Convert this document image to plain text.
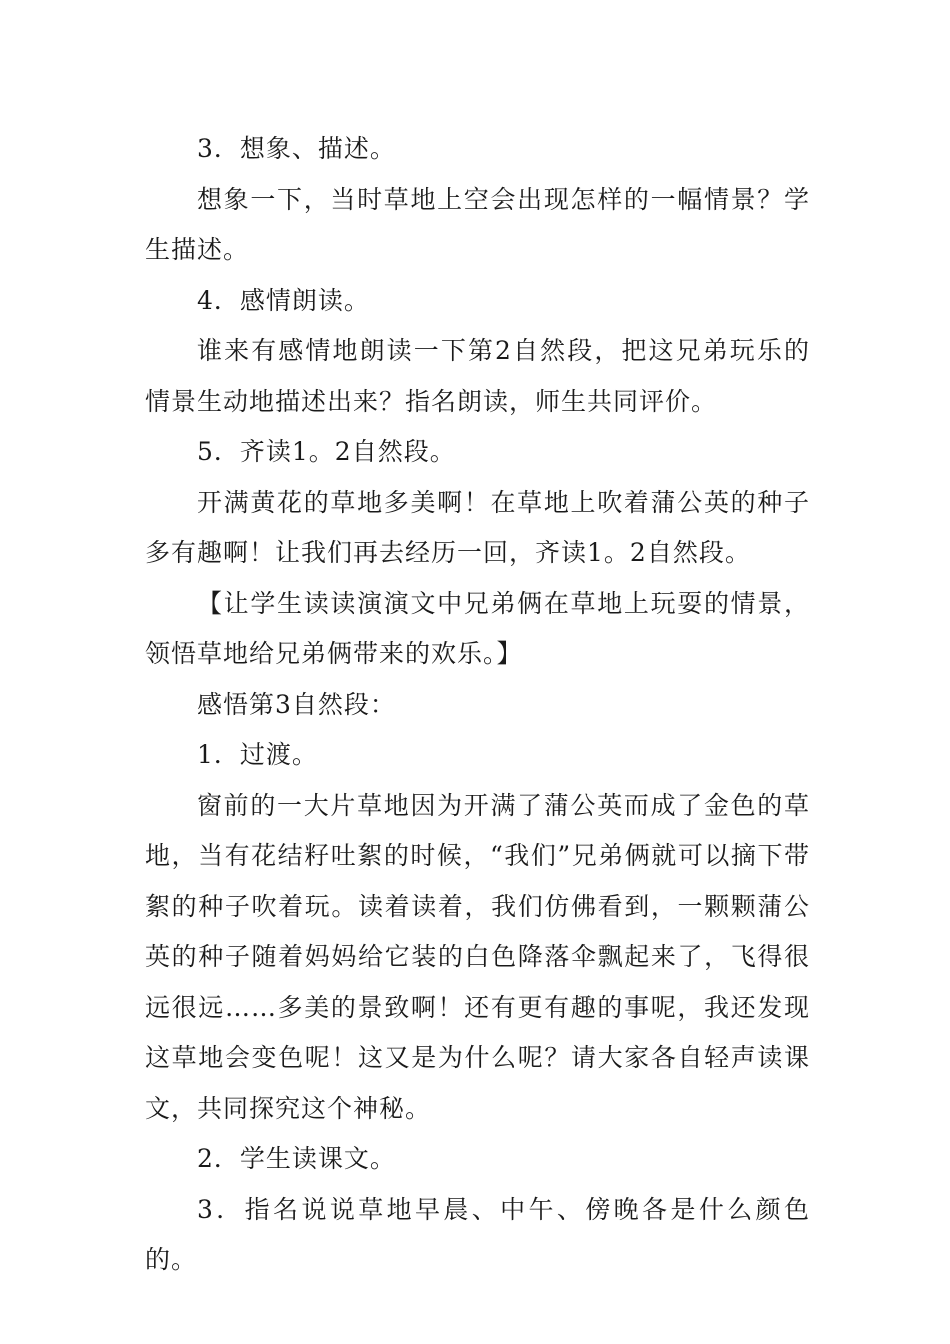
3．想象、描述。

想象一下，当时草地上空会出现怎样的一幅情景？学生描述。

4．感情朗读。

谁来有感情地朗读一下第2自然段，把这兄弟玩乐的情景生动地描述出来？指名朗读，师生共同评价。

5．齐读1。2自然段。

开满黄花的草地多美啊！在草地上吹着蒲公英的种子多有趣啊！让我们再去经历一回，齐读1。2自然段。

【让学生读读演演文中兄弟俩在草地上玩耍的情景，领悟草地给兄弟俩带来的欢乐。】

感悟第3自然段：

1．过渡。

窗前的一大片草地因为开满了蒲公英而成了金色的草地，当有花结籽吐絮的时候，“我们”兄弟俩就可以摘下带絮的种子吹着玩。读着读着，我们仿佛看到，一颗颗蒲公英的种子随着妈妈给它装的白色降落伞飘起来了，飞得很远很远……多美的景致啊！还有更有趣的事呢，我还发现这草地会变色呢！这又是为什么呢？请大家各自轻声读课文，共同探究这个神秘。

2．学生读课文。

3．指名说说草地早晨、中午、傍晚各是什么颜色的。
